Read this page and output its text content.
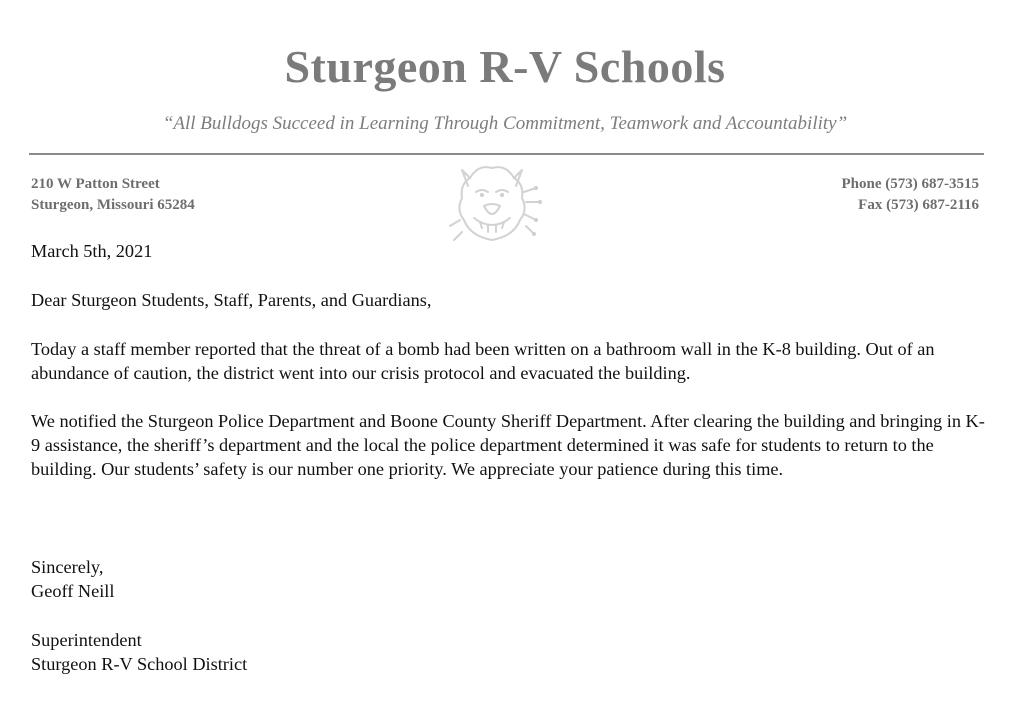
Sturgeon R-V Schools

“All Bulldogs Succeed in Learning Through Commitment, Teamwork and Accountability”

210 W Patton Street
Sturgeon, Missouri 65284
Phone (573) 687-3515
Fax (573) 687-2116

March 5th, 2021

Dear Sturgeon Students, Staff, Parents, and Guardians,

Today a staff member reported that the threat of a bomb had been written on a bathroom wall in the K-8 building. Out of an abundance of caution, the district went into our crisis protocol and evacuated the building.

We notified the Sturgeon Police Department and Boone County Sheriff Department. After clearing the building and bringing in K-9 assistance, the sheriff’s department and the local the police department determined it was safe for students to return to the building. Our students’ safety is our number one priority. We appreciate your patience during this time.

Sincerely,
Geoff Neill
Superintendent
Sturgeon R-V School District
